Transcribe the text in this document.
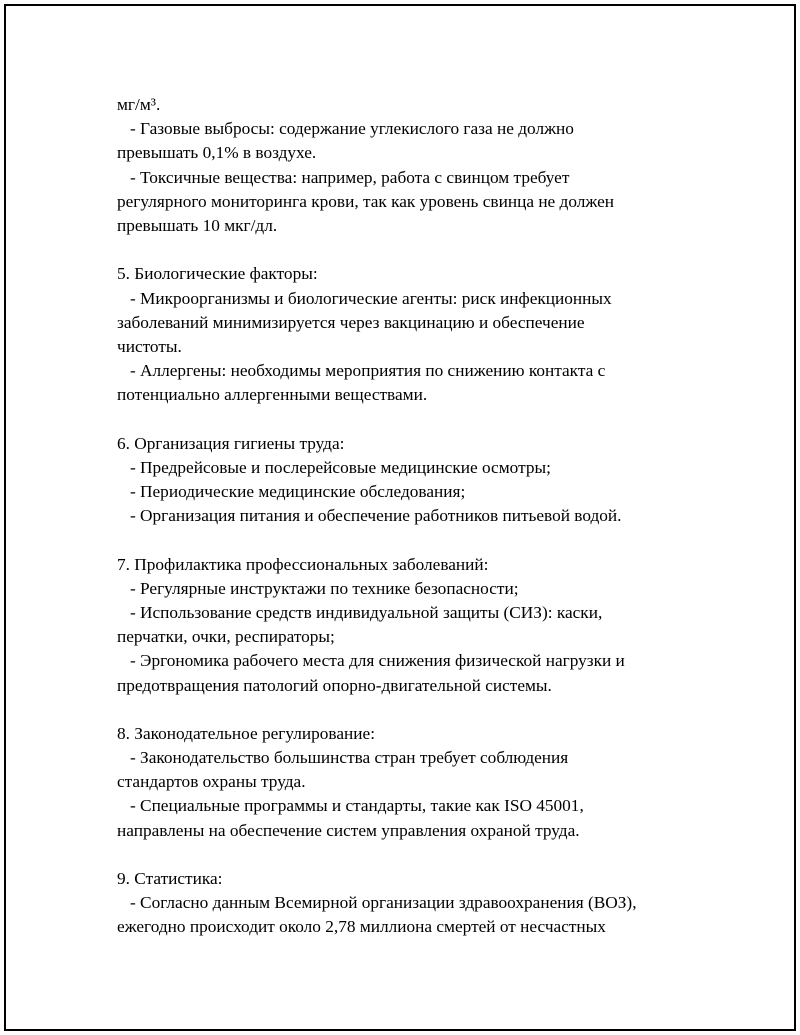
мг/м³.
- Газовые выбросы: содержание углекислого газа не должно
превышать 0,1% в воздухе.
- Токсичные вещества: например, работа с свинцом требует
регулярного мониторинга крови, так как уровень свинца не должен
превышать 10 мкг/дл.
5. Биологические факторы:
- Микроорганизмы и биологические агенты: риск инфекционных
заболеваний минимизируется через вакцинацию и обеспечение
чистоты.
- Аллергены: необходимы мероприятия по снижению контакта с
потенциально аллергенными веществами.
6. Организация гигиены труда:
- Предрейсовые и послерейсовые медицинские осмотры;
- Периодические медицинские обследования;
- Организация питания и обеспечение работников питьевой водой.
7. Профилактика профессиональных заболеваний:
- Регулярные инструктажи по технике безопасности;
- Использование средств индивидуальной защиты (СИЗ): каски,
перчатки, очки, респираторы;
- Эргономика рабочего места для снижения физической нагрузки и
предотвращения патологий опорно-двигательной системы.
8. Законодательное регулирование:
- Законодательство большинства стран требует соблюдения
стандартов охраны труда.
- Специальные программы и стандарты, такие как ISO 45001,
направлены на обеспечение систем управления охраной труда.
9. Статистика:
- Согласно данным Всемирной организации здравоохранения (ВОЗ),
ежегодно происходит около 2,78 миллиона смертей от несчастных
